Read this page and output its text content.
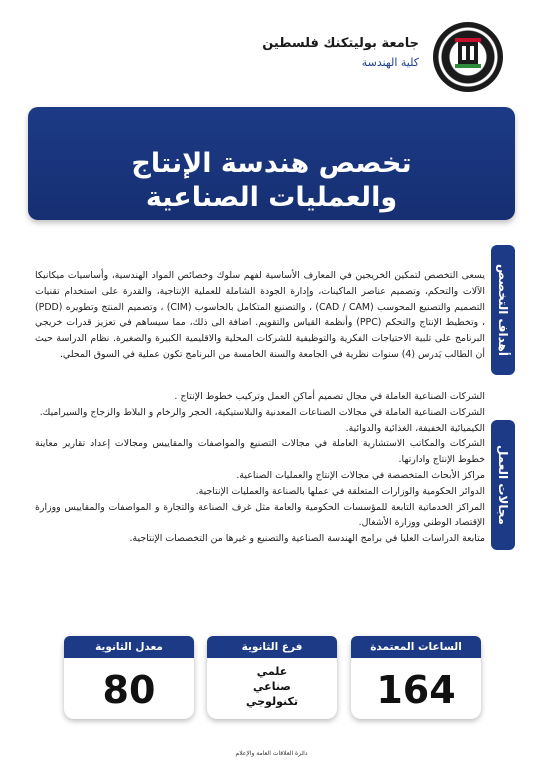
جامعة بوليتكنك فلسطين
كلية الهندسة
تخصص هندسة الإنتاج
والعمليات الصناعية
أهداف التخصص
مجالات العمل
يسعى التخصص لتمكين الخريجين في المعارف الأساسية لفهم سلوك وخصائص المواد الهندسية، وأساسيات ميكانيكا الآلات والتحكم، وتصميم عناصر الماكينات، وإدارة الجودة الشاملة للعملية الإنتاجية، والقدرة على استخدام تقنيات التصميم والتصنيع المحوسب (CAD / CAM) ، والتصنيع المتكامل بالحاسوب (CIM) ، وتصميم المنتج وتطويره (PDD) ، وتخطيط الإنتاج والتحكم (PPC) وأنظمة القياس والتقويم. اضافة الى ذلك، مما سيساهم في تعزيز قدرات خريجي البرنامج على تلبية الاحتياجات الفكرية والتوظيفية للشركات المحلية والاقليمية الكبيرة والصغيرة. نظام الدراسة حيث أن الطالب يَدرس (4) سنوات نظرية في الجامعة والسنة الخامسة من البرنامج تكون عملية في السوق المحلي.
الشركات الصناعية العاملة في مجال تصميم أماكن العمل وتركيب خطوط الإنتاج .
الشركات الصناعية العاملة في مجالات الصناعات المعدنية والبلاستيكية، الحجر والرخام و البلاط والزجاج والسيراميك.
الكيميائية الخفيفة، الغذائية والدوائية.
الشركات والمكاتب الاستشارية العاملة في مجالات التصنيع والمواصفات والمقاييس ومجالات إعداد تقارير معاينة خطوط الإنتاج وادارتها.
مراكز الأبحاث المتخصصة في مجالات الإنتاج والعمليات الصناعية.
الدوائر الحكومية والوزارات المتعلقة في عملها بالصناعة والعمليات الإنتاجية.
المراكز الخدماتية التابعة للمؤسسات الحكومية والعامة مثل غرف الصناعة والتجارة و المواصفات والمقاييس ووزارة الإقتصاد الوطني ووزارة الأشغال.
متابعة الدراسات العليا في برامج الهندسة الصناعية والتصنيع و غيرها من التخصصات الإنتاجية.
164
الساعات المعتمدة
علمي
صناعي
تكنولوجي
فرع الثانوية
80
معدل الثانوية
دائرة العلاقات العامة والإعلام
